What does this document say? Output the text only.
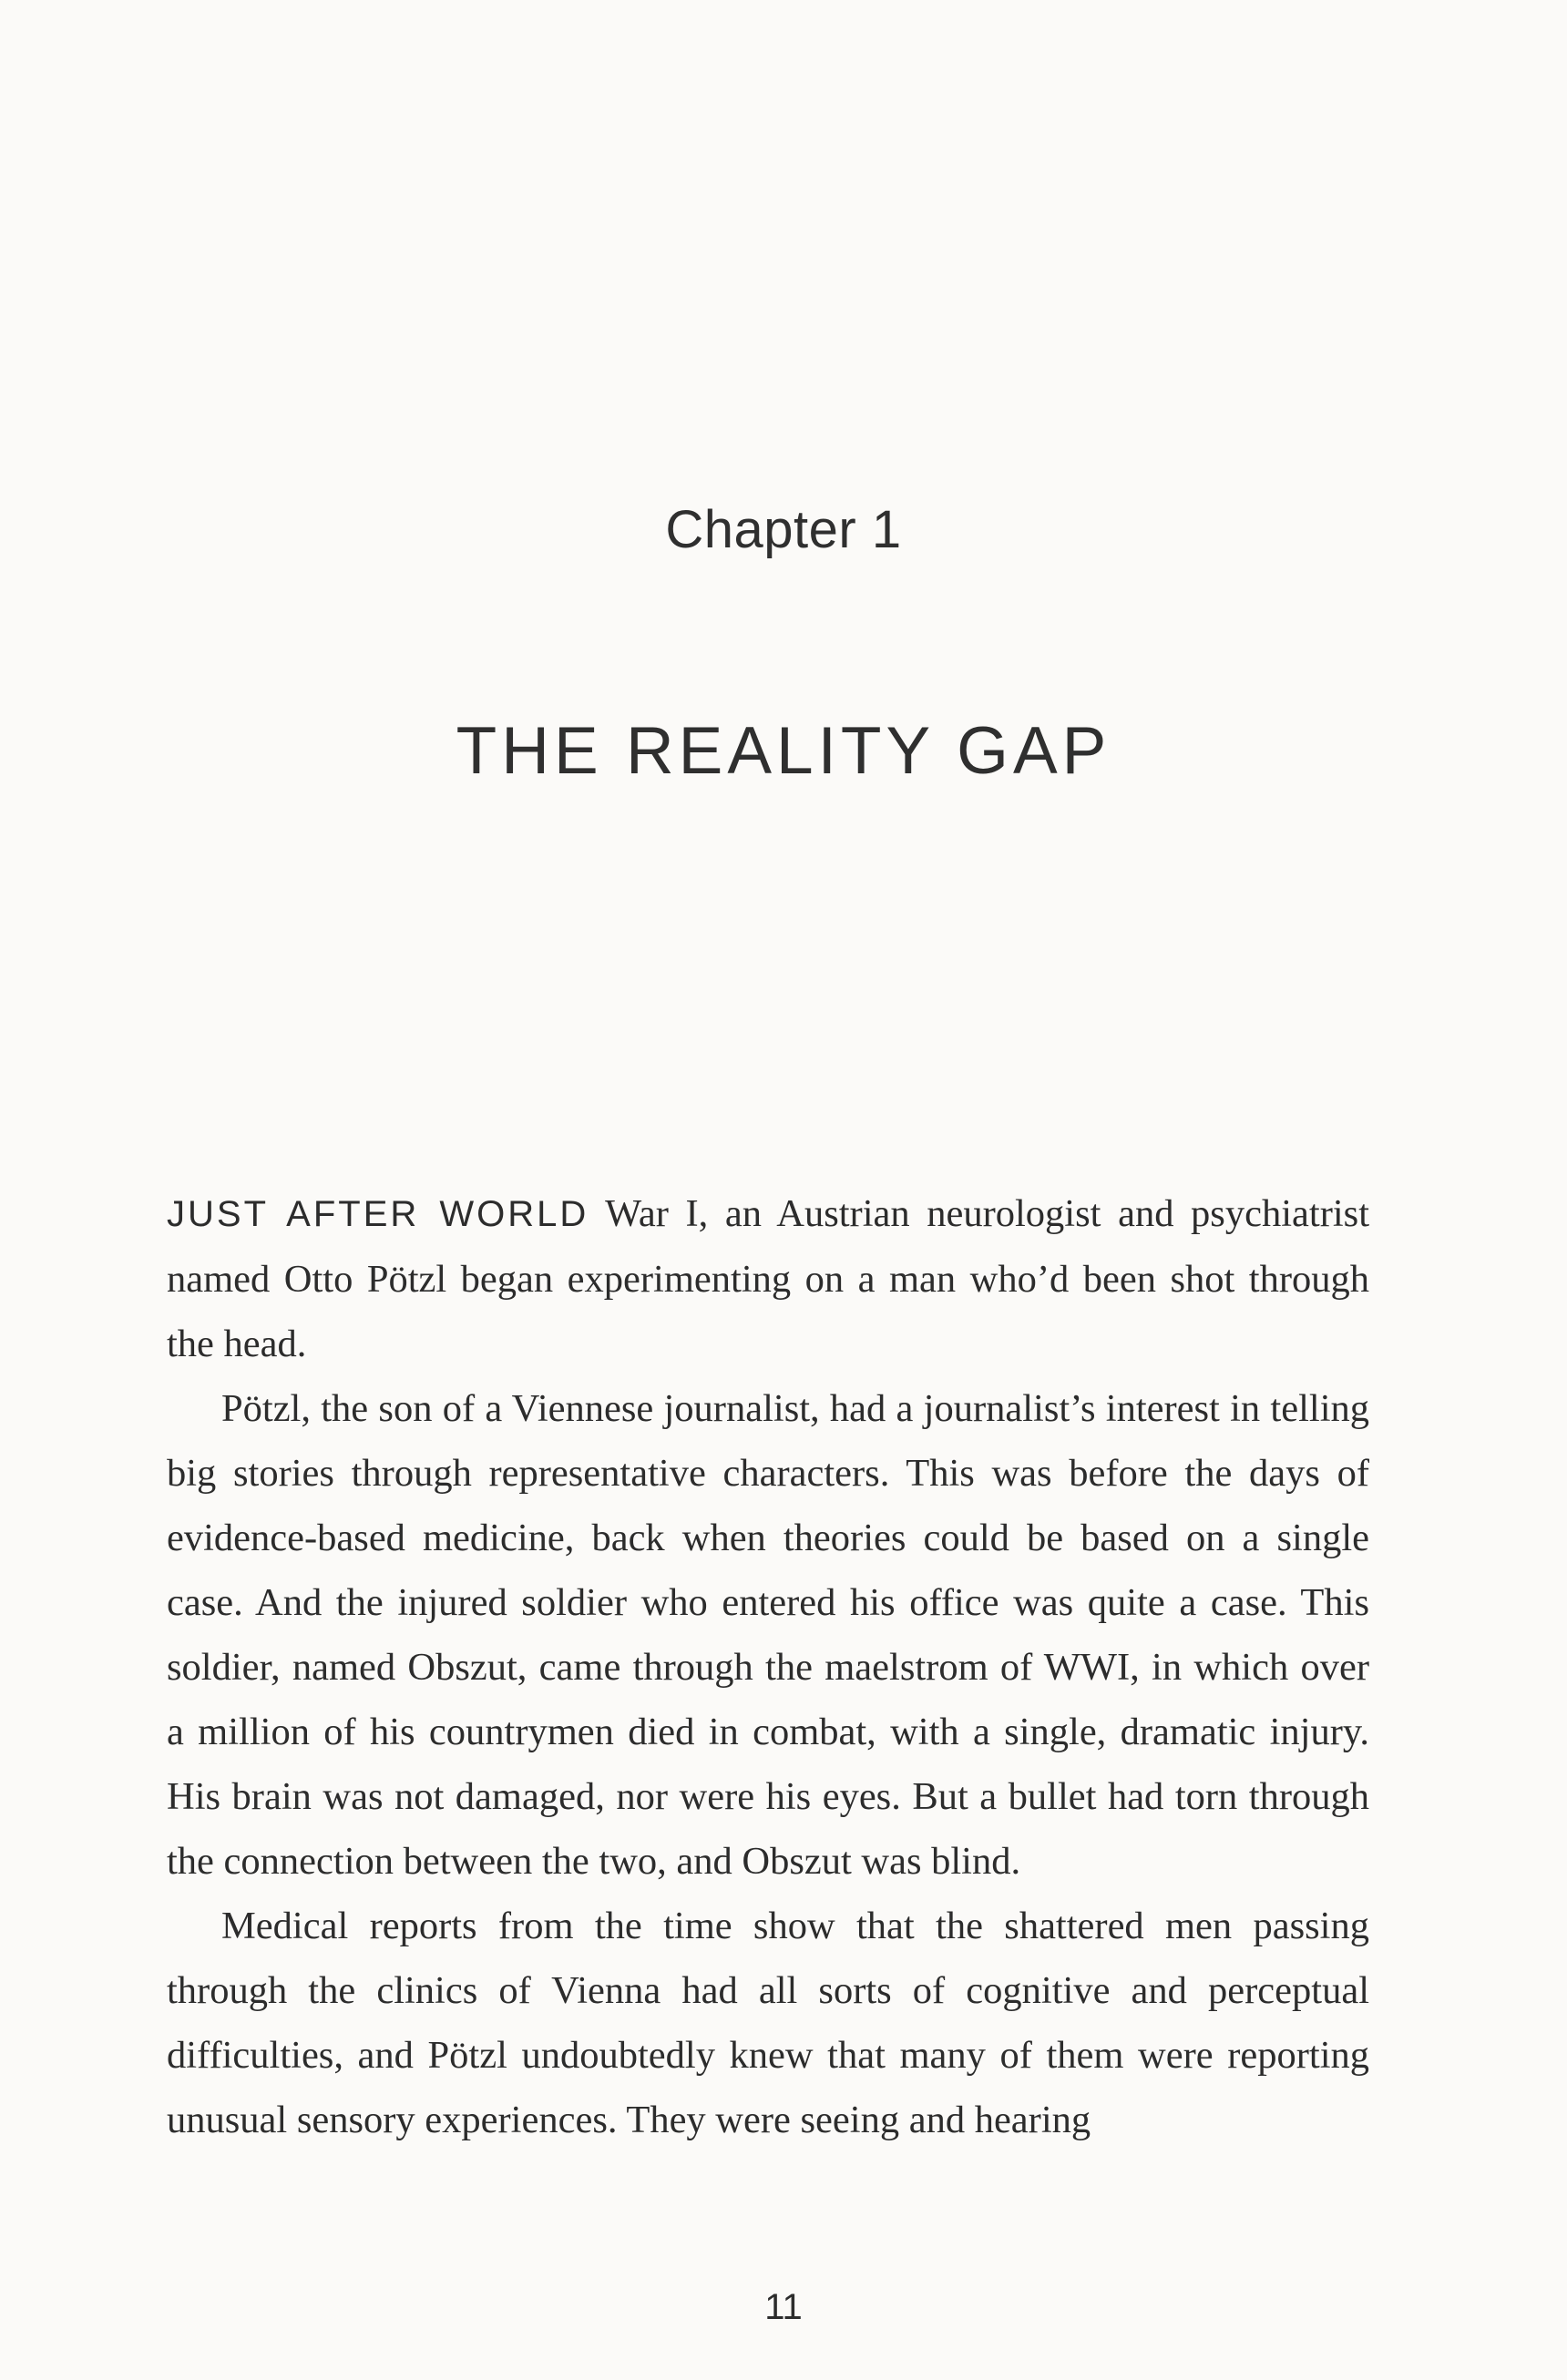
Chapter 1
THE REALITY GAP

JUST AFTER WORLD War I, an Austrian neurologist and psychiatrist named Otto Pötzl began experimenting on a man who’d been shot through the head.

Pötzl, the son of a Viennese journalist, had a journalist’s interest in telling big stories through representative characters. This was before the days of evidence-based medicine, back when theories could be based on a single case. And the injured soldier who entered his office was quite a case. This soldier, named Obszut, came through the maelstrom of WWI, in which over a million of his countrymen died in combat, with a single, dramatic injury. His brain was not damaged, nor were his eyes. But a bullet had torn through the connection between the two, and Obszut was blind.

Medical reports from the time show that the shattered men passing through the clinics of Vienna had all sorts of cognitive and perceptual difficulties, and Pötzl undoubtedly knew that many of them were reporting unusual sensory experiences. They were seeing and hearing

11
